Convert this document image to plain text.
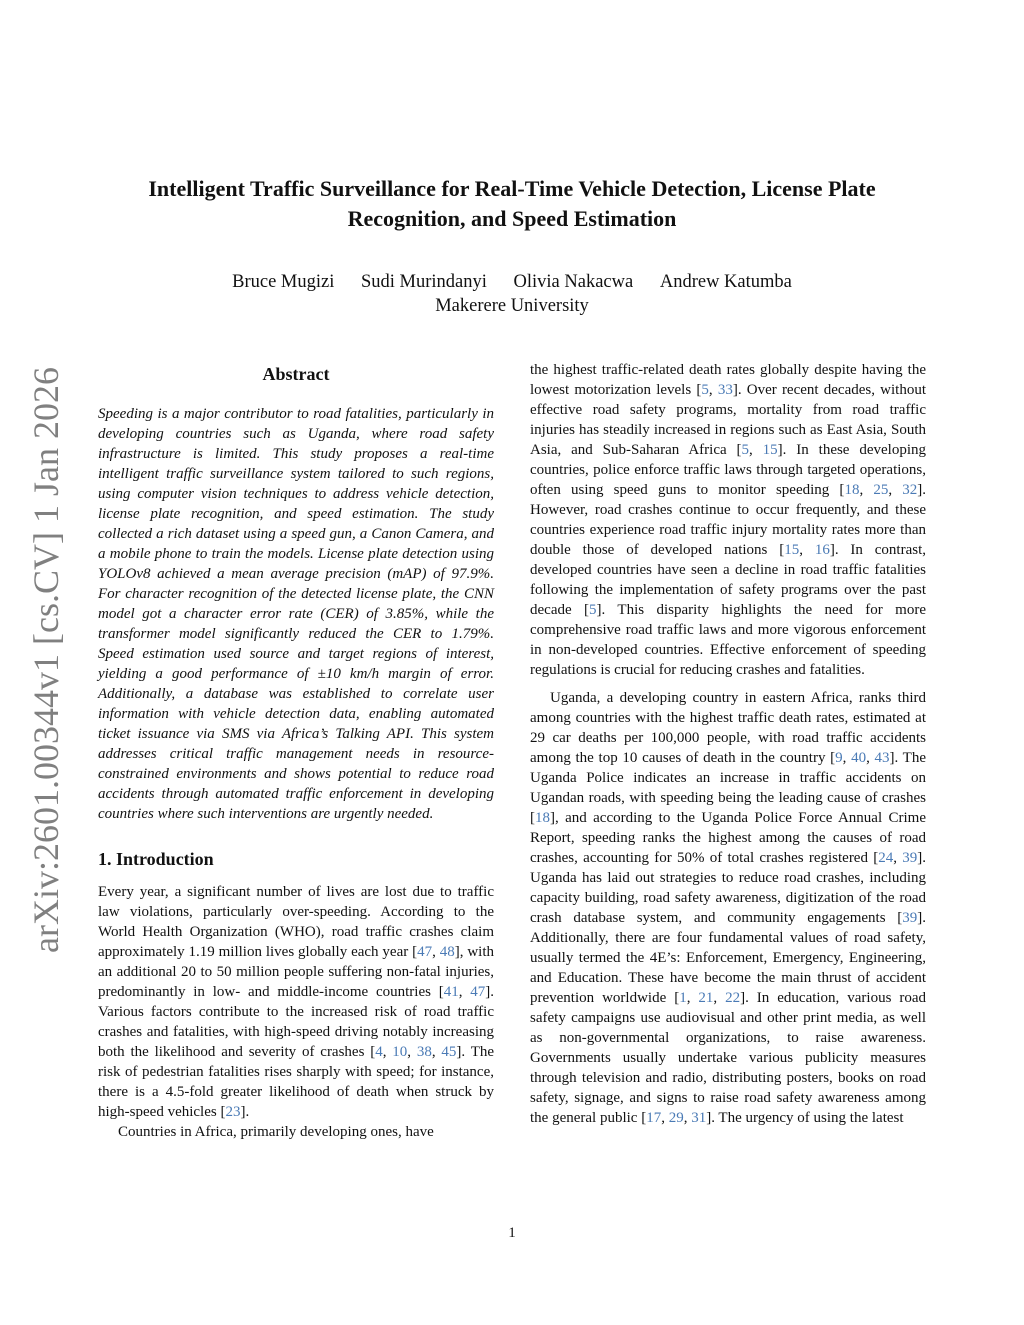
arXiv:2601.00344v1 [cs.CV] 1 Jan 2026
Intelligent Traffic Surveillance for Real-Time Vehicle Detection, License Plate Recognition, and Speed Estimation
Bruce Mugizi Sudi Murindanyi Olivia Nakacwa Andrew Katumba
Makerere University
Abstract

Speeding is a major contributor to road fatalities, particularly in developing countries such as Uganda, where road safety infrastructure is limited. This study proposes a real-time intelligent traffic surveillance system tailored to such regions, using computer vision techniques to address vehicle detection, license plate recognition, and speed estimation. The study collected a rich dataset using a speed gun, a Canon Camera, and a mobile phone to train the models. License plate detection using YOLOv8 achieved a mean average precision (mAP) of 97.9%. For character recognition of the detected license plate, the CNN model got a character error rate (CER) of 3.85%, while the transformer model significantly reduced the CER to 1.79%. Speed estimation used source and target regions of interest, yielding a good performance of ±10 km/h margin of error. Additionally, a database was established to correlate user information with vehicle detection data, enabling automated ticket issuance via SMS via Africa’s Talking API. This system addresses critical traffic management needs in resource-constrained environments and shows potential to reduce road accidents through automated traffic enforcement in developing countries where such interventions are urgently needed.

1. Introduction

Every year, a significant number of lives are lost due to traffic law violations, particularly over-speeding. According to the World Health Organization (WHO), road traffic crashes claim approximately 1.19 million lives globally each year [47, 48], with an additional 20 to 50 million people suffering non-fatal injuries, predominantly in low- and middle-income countries [41, 47]. Various factors contribute to the increased risk of road traffic crashes and fatalities, with high-speed driving notably increasing both the likelihood and severity of crashes [4, 10, 38, 45]. The risk of pedestrian fatalities rises sharply with speed; for instance, there is a 4.5-fold greater likelihood of death when struck by high-speed vehicles [23].

Countries in Africa, primarily developing ones, have

the highest traffic-related death rates globally despite having the lowest motorization levels [5, 33]. Over recent decades, without effective road safety programs, mortality from road traffic injuries has steadily increased in regions such as East Asia, South Asia, and Sub-Saharan Africa [5, 15]. In these developing countries, police enforce traffic laws through targeted operations, often using speed guns to monitor speeding [18, 25, 32]. However, road crashes continue to occur frequently, and these countries experience road traffic injury mortality rates more than double those of developed nations [15, 16]. In contrast, developed countries have seen a decline in road traffic fatalities following the implementation of safety programs over the past decade [5]. This disparity highlights the need for more comprehensive road traffic laws and more vigorous enforcement in non-developed countries. Effective enforcement of speeding regulations is crucial for reducing crashes and fatalities.

Uganda, a developing country in eastern Africa, ranks third among countries with the highest traffic death rates, estimated at 29 car deaths per 100,000 people, with road traffic accidents among the top 10 causes of death in the country [9, 40, 43]. The Uganda Police indicates an increase in traffic accidents on Ugandan roads, with speeding being the leading cause of crashes [18], and according to the Uganda Police Force Annual Crime Report, speeding ranks the highest among the causes of road crashes, accounting for 50% of total crashes registered [24, 39]. Uganda has laid out strategies to reduce road crashes, including capacity building, road safety awareness, digitization of the road crash database system, and community engagements [39]. Additionally, there are four fundamental values of road safety, usually termed the 4E’s: Enforcement, Emergency, Engineering, and Education. These have become the main thrust of accident prevention worldwide [1, 21, 22]. In education, various road safety campaigns use audiovisual and other print media, as well as non-governmental organizations, to raise awareness. Governments usually undertake various publicity measures through television and radio, distributing posters, books on road safety, signage, and signs to raise road safety awareness among the general public [17, 29, 31]. The urgency of using the latest

1
